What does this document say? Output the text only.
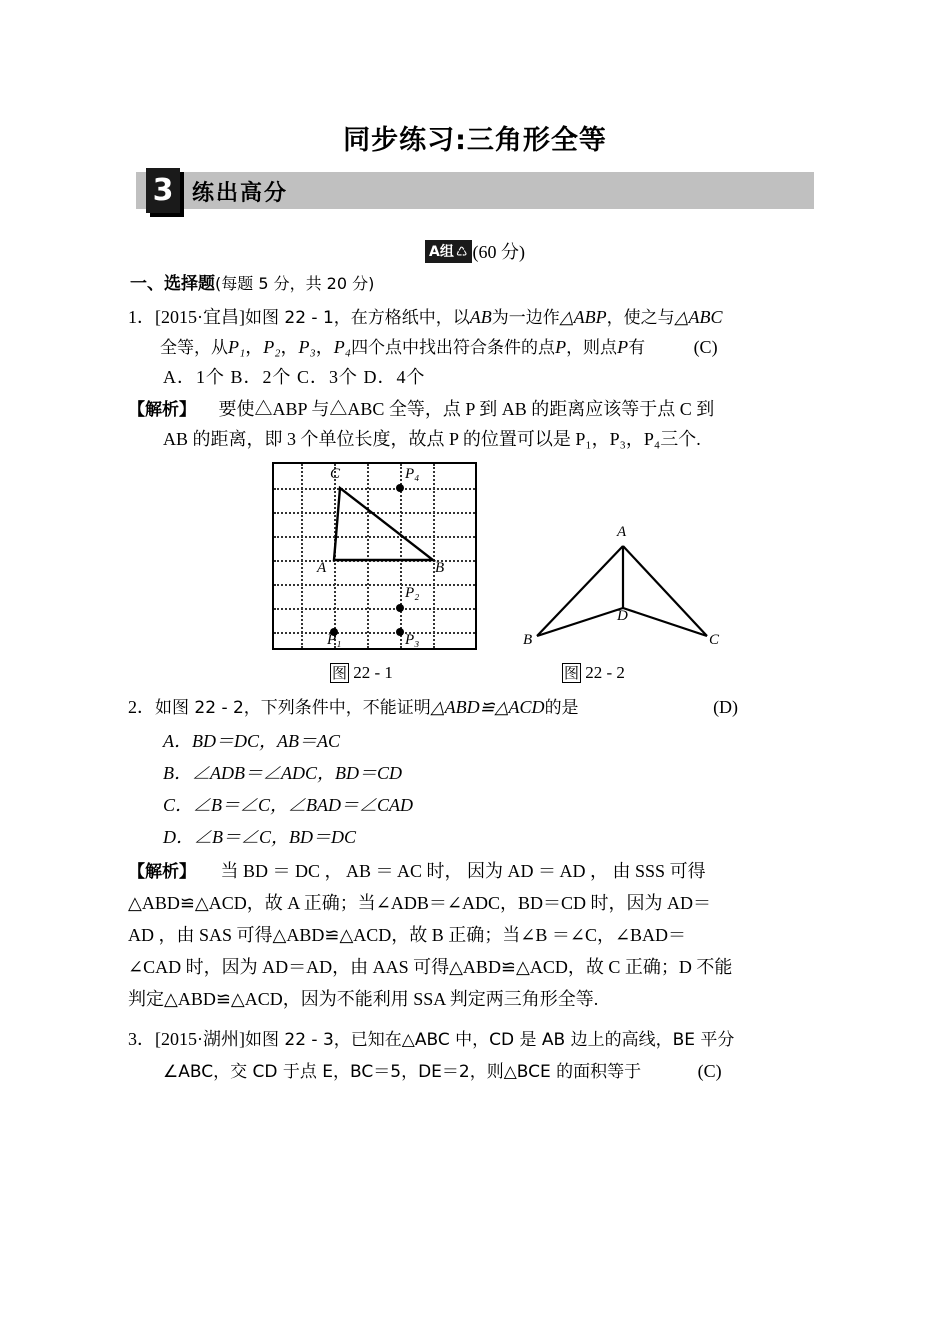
同步练习:三角形全等
3 练出高分
A组 ♺ (60 分)
一、选择题(每题 5 分，共 20 分)
1．[2015·宜昌]如图 22 - 1，在方格纸中，以AB为一边作△ABP，使之与△ABC
全等，从P₁，P₂，P₃，P₄四个点中找出符合条件的点P，则点P有	(C)
A．1个 B．2个 C．3个 D．4个
【解析】 要使△ABP 与△ABC 全等，点 P 到 AB 的距离应该等于点 C 到
AB 的距离，即 3 个单位长度，故点 P 的位置可以是 P₁，P₃，P₄三个.
A	B
C	P₄
P₂
P₁	P₃
A
B	C
D
图 22 - 1	图 22 - 2
2．如图 22 - 2，下列条件中，不能证明△ABD≌△ACD的是	(D)
A．BD＝DC，AB＝AC
B．∠ADB＝∠ADC，BD＝CD
C．∠B＝∠C，∠BAD＝∠CAD
D．∠B＝∠C，BD＝DC
【解析】 当 BD ＝ DC ， AB ＝ AC 时， 因为 AD ＝ AD ， 由 SSS 可得
△ABD≌△ACD，故 A 正确；当∠ADB＝∠ADC，BD＝CD 时，因为 AD＝
AD ，由 SAS 可得△ABD≌△ACD，故 B 正确；当∠B ＝∠C，∠BAD＝
∠CAD 时，因为 AD＝AD，由 AAS 可得△ABD≌△ACD，故 C 正确；D 不能
判定△ABD≌△ACD，因为不能利用 SSA 判定两三角形全等.
3．[2015·湖州]如图 22 - 3，已知在△ABC 中，CD 是 AB 边上的高线，BE 平分
∠ABC，交 CD 于点 E，BC＝5，DE＝2，则△BCE 的面积等于	(C)
